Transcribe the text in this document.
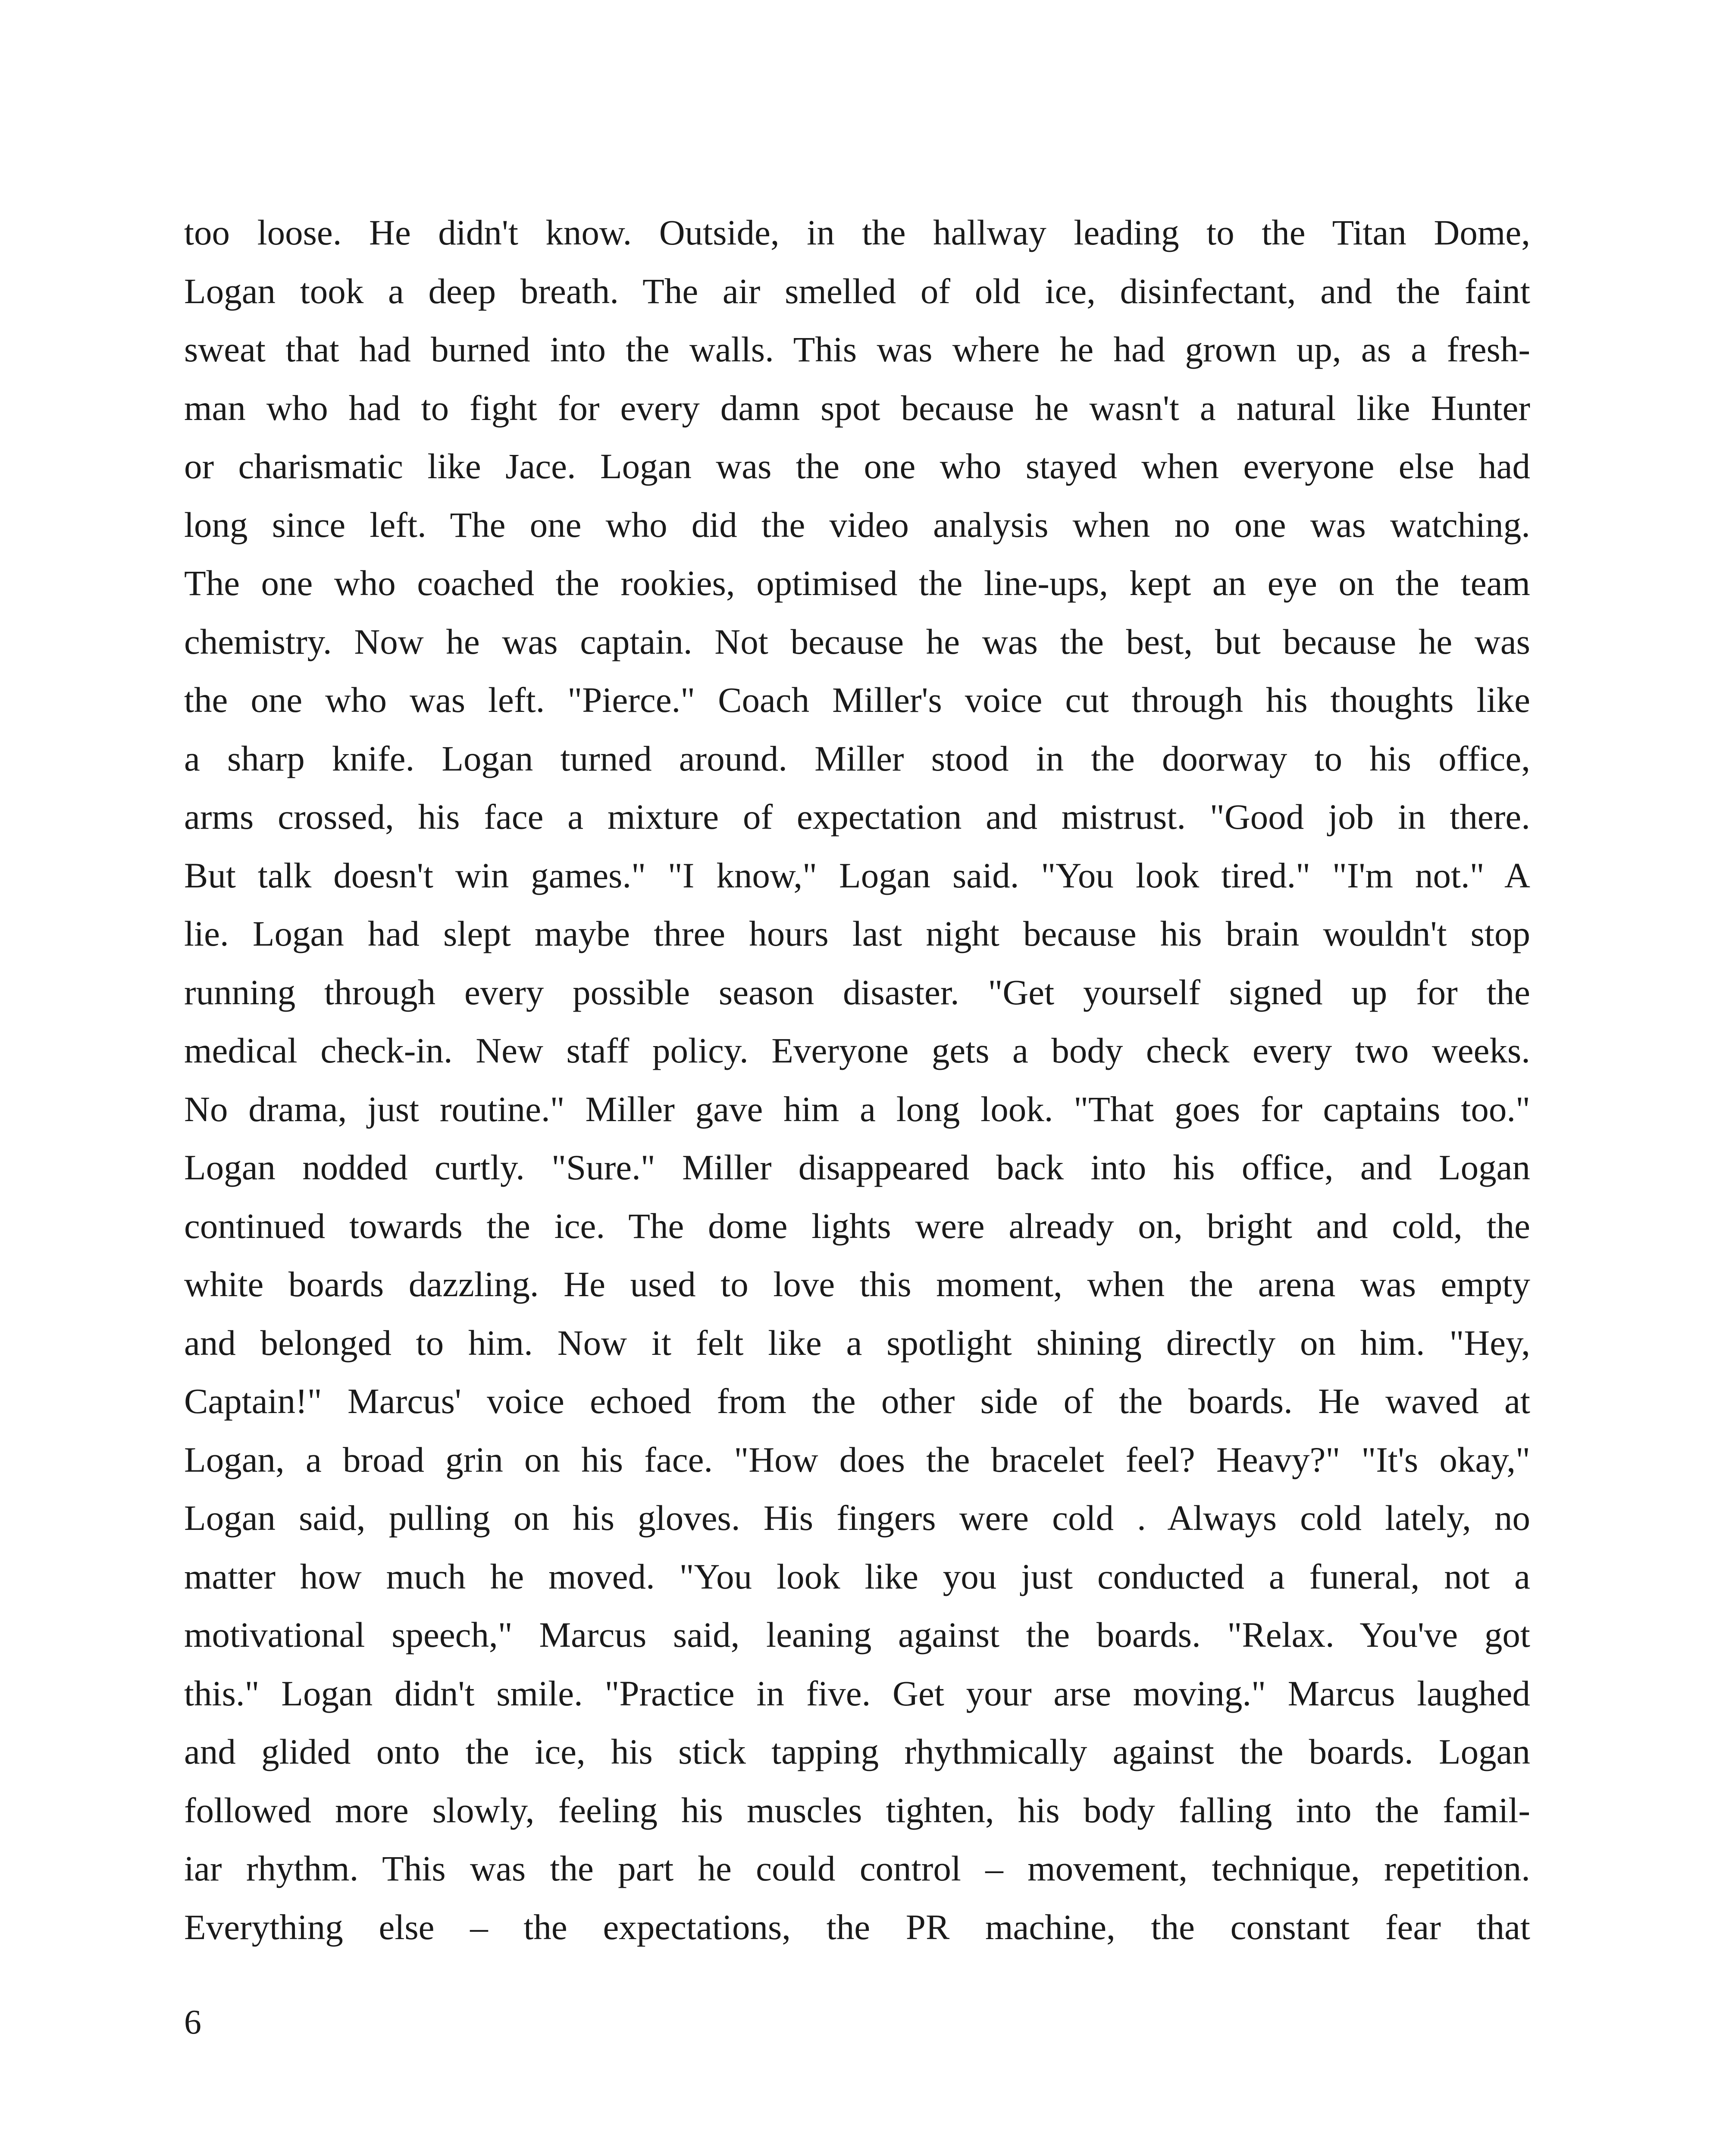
too loose. He didn't know. Outside, in the hallway leading to the Titan Dome,
Logan took a deep breath. The air smelled of old ice, disinfectant, and the faint
sweat that had burned into the walls. This was where he had grown up, as a fresh-
man who had to fight for every damn spot because he wasn't a natural like Hunter
or charismatic like Jace. Logan was the one who stayed when everyone else had
long since left. The one who did the video analysis when no one was watching.
The one who coached the rookies, optimised the line-ups, kept an eye on the team
chemistry. Now he was captain. Not because he was the best, but because he was
the one who was left. "Pierce." Coach Miller's voice cut through his thoughts like
a sharp knife. Logan turned around. Miller stood in the doorway to his office,
arms crossed, his face a mixture of expectation and mistrust. "Good job in there.
But talk doesn't win games." "I know," Logan said. "You look tired." "I'm not." A
lie. Logan had slept maybe three hours last night because his brain wouldn't stop
running through every possible season disaster. "Get yourself signed up for the
medical check-in. New staff policy. Everyone gets a body check every two weeks.
No drama, just routine." Miller gave him a long look. "That goes for captains too."
Logan nodded curtly. "Sure." Miller disappeared back into his office, and Logan
continued towards the ice. The dome lights were already on, bright and cold, the
white boards dazzling. He used to love this moment, when the arena was empty
and belonged to him. Now it felt like a spotlight shining directly on him. "Hey,
Captain!" Marcus' voice echoed from the other side of the boards. He waved at
Logan, a broad grin on his face. "How does the bracelet feel? Heavy?" "It's okay,"
Logan said, pulling on his gloves. His fingers were cold . Always cold lately, no
matter how much he moved. "You look like you just conducted a funeral, not a
motivational speech," Marcus said, leaning against the boards. "Relax. You've got
this." Logan didn't smile. "Practice in five. Get your arse moving." Marcus laughed
and glided onto the ice, his stick tapping rhythmically against the boards. Logan
followed more slowly, feeling his muscles tighten, his body falling into the famil-
iar rhythm. This was the part he could control – movement, technique, repetition.
Everything else – the expectations, the PR machine, the constant fear that
6
